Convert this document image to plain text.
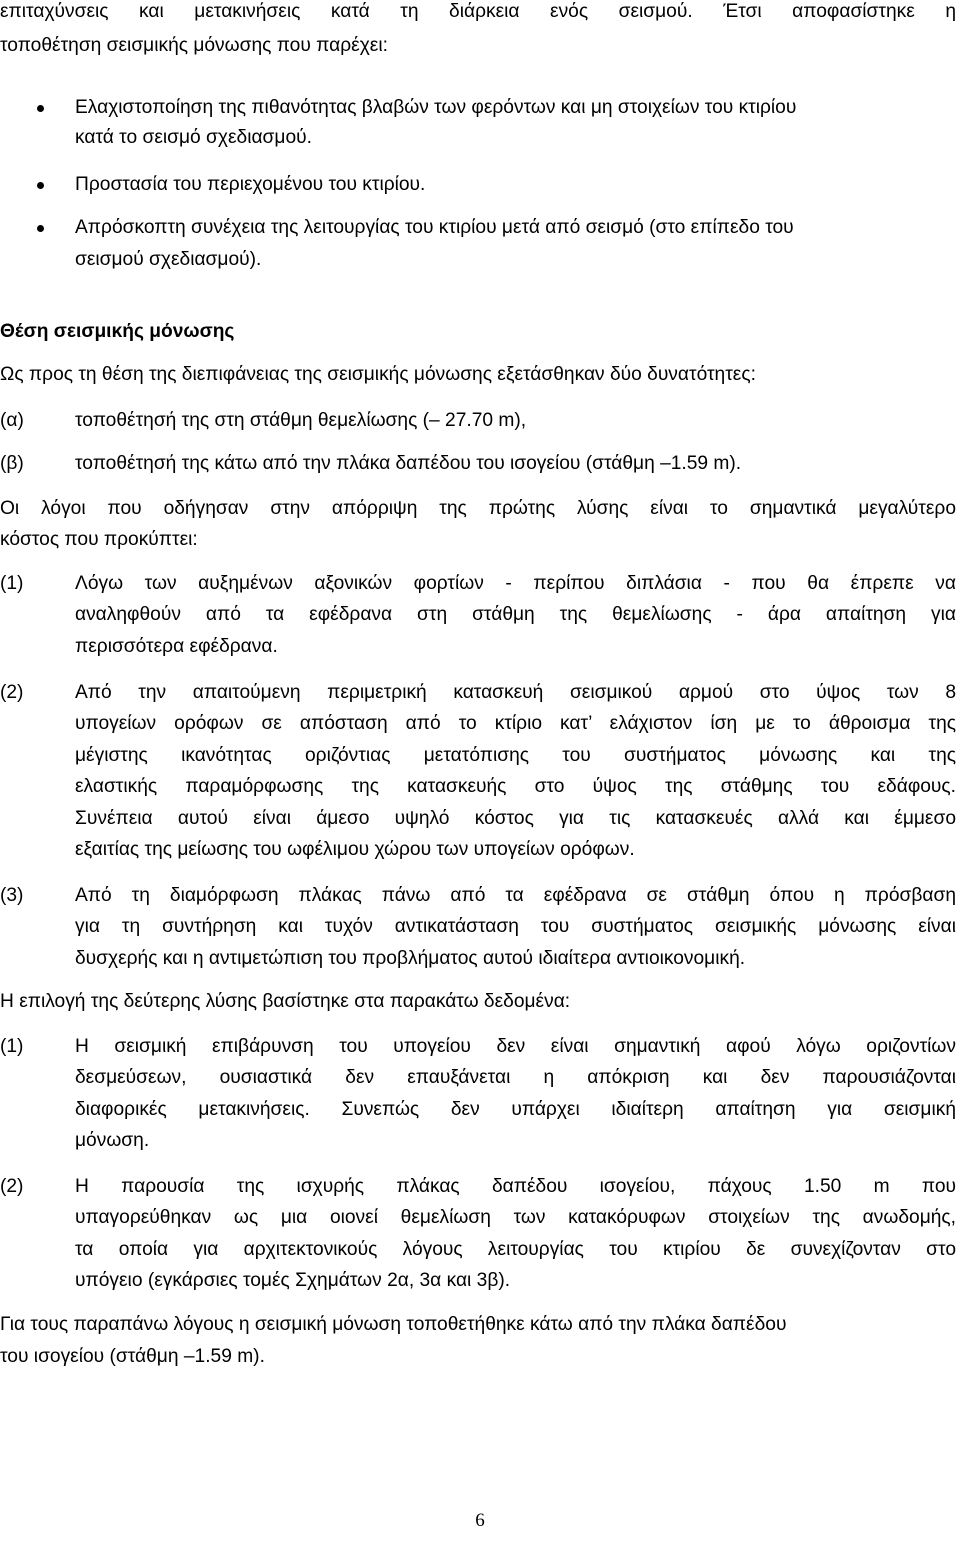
επιταχύνσεις και μετακινήσεις κατά τη διάρκεια ενός σεισμού. Έτσι αποφασίστηκε η
τοποθέτηση σεισμικής μόνωσης που παρέχει:
Ελαχιστοποίηση της πιθανότητας βλαβών των φερόντων και μη στοιχείων του κτιρίου
κατά το σεισμό σχεδιασμού.
Προστασία του περιεχομένου του κτιρίου.
Απρόσκοπτη συνέχεια της λειτουργίας του κτιρίου μετά από σεισμό (στο επίπεδο του
σεισμού σχεδιασμού).
Θέση σεισμικής μόνωσης
Ως προς τη θέση της διεπιφάνειας της σεισμικής μόνωσης εξετάσθηκαν δύο δυνατότητες:
(α)	τοποθέτησή της στη στάθμη θεμελίωσης (– 27.70 m),
(β)	τοποθέτησή της κάτω από την πλάκα δαπέδου του ισογείου (στάθμη –1.59 m).
Οι λόγοι που οδήγησαν στην απόρριψη της πρώτης λύσης είναι το σημαντικά μεγαλύτερο
κόστος που προκύπτει:
(1)	Λόγω των αυξημένων αξονικών φορτίων - περίπου διπλάσια - που θα έπρεπε να
αναληφθούν από τα εφέδρανα στη στάθμη της θεμελίωσης - άρα απαίτηση για
περισσότερα εφέδρανα.
(2)	Από την απαιτούμενη περιμετρική κατασκευή σεισμικού αρμού στο ύψος των 8
υπογείων ορόφων σε απόσταση από το κτίριο κατ’ ελάχιστον ίση με το άθροισμα της
μέγιστης ικανότητας οριζόντιας μετατόπισης του συστήματος μόνωσης και της
ελαστικής παραμόρφωσης της κατασκευής στο ύψος της στάθμης του εδάφους.
Συνέπεια αυτού είναι άμεσο υψηλό κόστος για τις κατασκευές αλλά και έμμεσο
εξαιτίας της μείωσης του ωφέλιμου χώρου των υπογείων ορόφων.
(3)	Από τη διαμόρφωση πλάκας πάνω από τα εφέδρανα σε στάθμη όπου η πρόσβαση
για τη συντήρηση και τυχόν αντικατάσταση του συστήματος σεισμικής μόνωσης είναι
δυσχερής και η αντιμετώπιση του προβλήματος αυτού ιδιαίτερα αντιοικονομική.
Η επιλογή της δεύτερης λύσης βασίστηκε στα παρακάτω δεδομένα:
(1)	Η σεισμική επιβάρυνση του υπογείου δεν είναι σημαντική αφού λόγω οριζοντίων
δεσμεύσεων, ουσιαστικά δεν επαυξάνεται η απόκριση και δεν παρουσιάζονται
διαφορικές μετακινήσεις. Συνεπώς δεν υπάρχει ιδιαίτερη απαίτηση για σεισμική
μόνωση.
(2)	Η παρουσία της ισχυρής πλάκας δαπέδου ισογείου, πάχους 1.50 m που
υπαγορεύθηκαν ως μια οιονεί θεμελίωση των κατακόρυφων στοιχείων της ανωδομής,
τα οποία για αρχιτεκτονικούς λόγους λειτουργίας του κτιρίου δε συνεχίζονταν στο
υπόγειο (εγκάρσιες τομές Σχημάτων 2α, 3α και 3β).
Για τους παραπάνω λόγους η σεισμική μόνωση τοποθετήθηκε κάτω από την πλάκα δαπέδου
του ισογείου (στάθμη –1.59 m).
6
